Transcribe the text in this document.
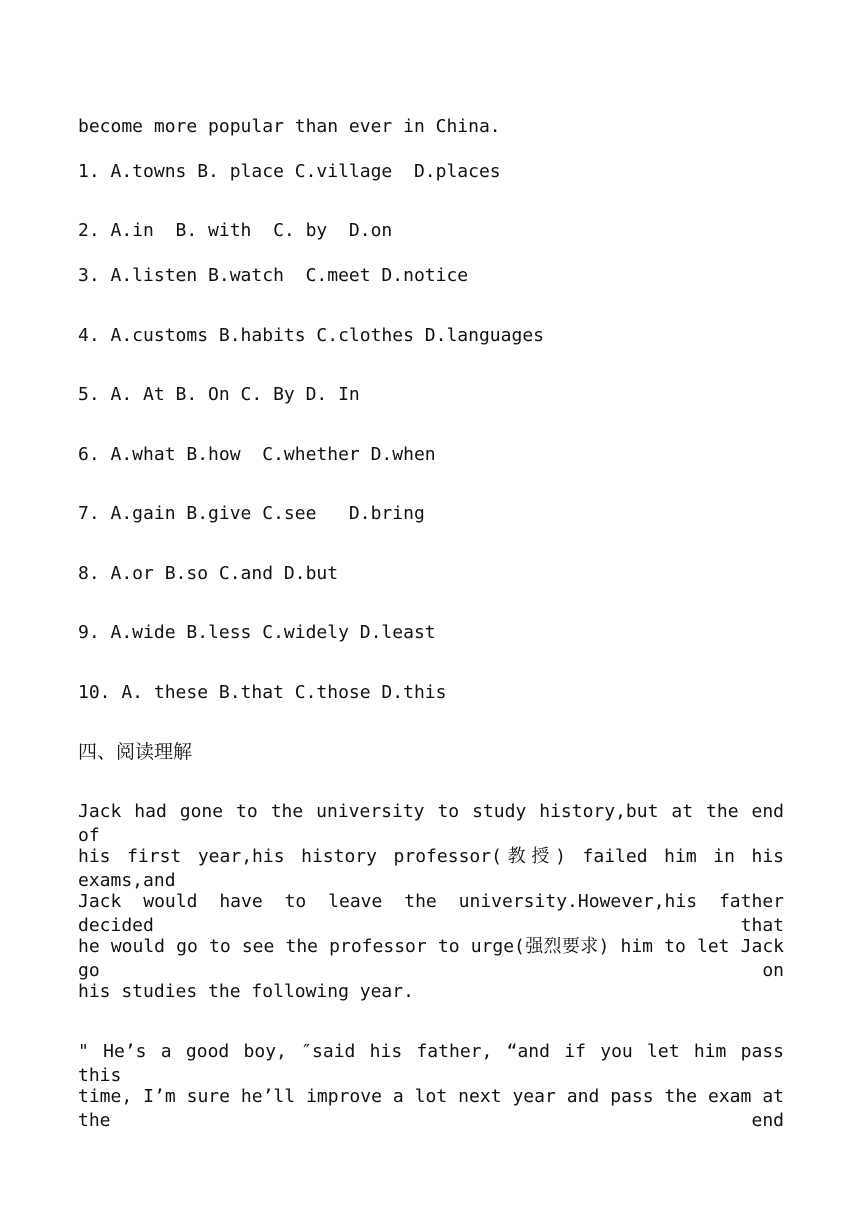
become more popular than ever in China.
1. A.towns B. place C.village  D.places
2. A.in  B. with  C. by  D.on
3. A.listen B.watch  C.meet D.notice
4. A.customs B.habits C.clothes D.languages
5. A. At B. On C. By D. In
6. A.what B.how  C.whether D.when
7. A.gain B.give C.see   D.bring
8. A.or B.so C.and D.but
9. A.wide B.less C.widely D.least
10. A. these B.that C.those D.this
四、阅读理解
Jack had gone to the university to study history,but at the end of
his first year,his history professor(教授) failed him in his exams,and
Jack would have to leave the university.However,his father decided that
he would go to see the professor to urge(强烈要求) him to let Jack go on
his studies the following year.
" He’s a good boy, ″said his father, “and if you let him pass this
time, I’m sure he’ll improve a lot next year and pass the exam at the end
